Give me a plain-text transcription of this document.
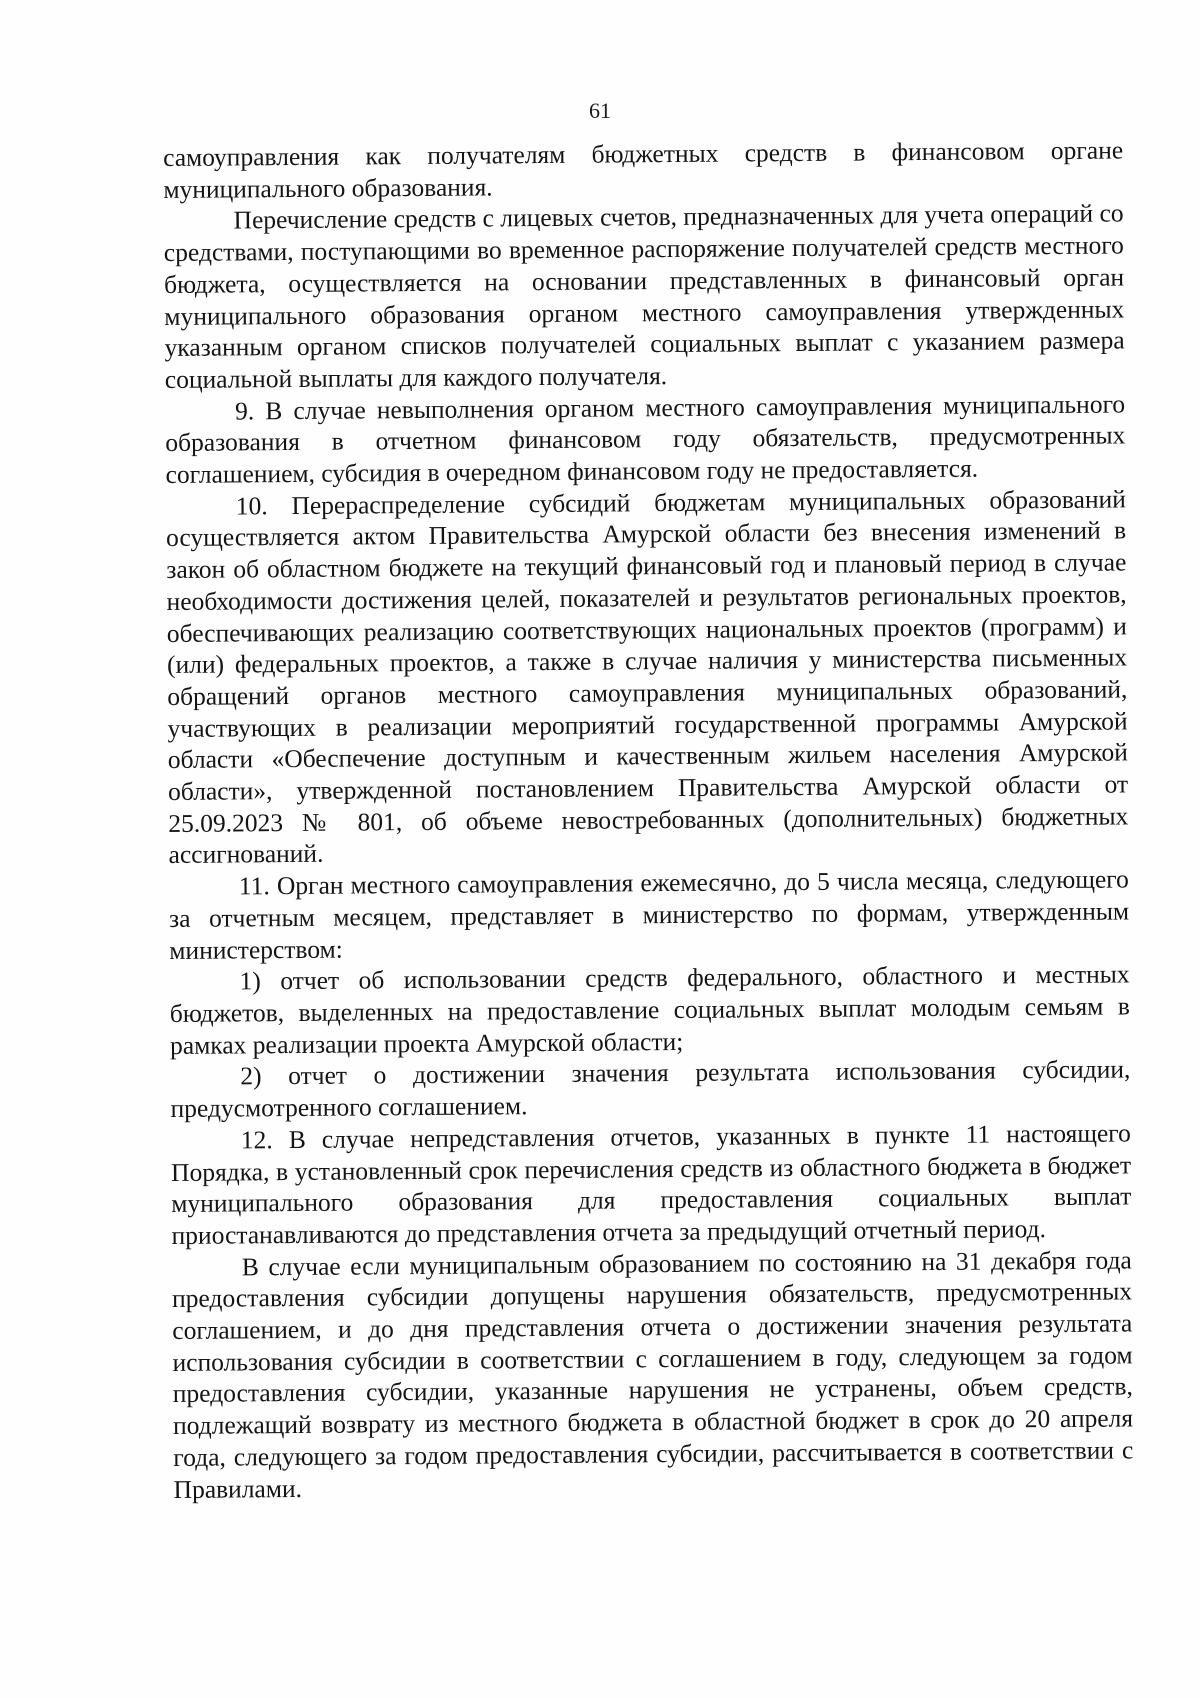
61

самоуправления как получателям бюджетных средств в финансовом органе муниципального образования.

Перечисление средств с лицевых счетов, предназначенных для учета операций со средствами, поступающими во временное распоряжение получателей средств местного бюджета, осуществляется на основании представленных в финансовый орган муниципального образования органом местного самоуправления утвержденных указанным органом списков получателей социальных выплат с указанием размера социальной выплаты для каждого получателя.

9. В случае невыполнения органом местного самоуправления муниципального образования в отчетном финансовом году обязательств, предусмотренных соглашением, субсидия в очередном финансовом году не предоставляется.

10. Перераспределение субсидий бюджетам муниципальных образований осуществляется актом Правительства Амурской области без внесения изменений в закон об областном бюджете на текущий финансовый год и плановый период в случае необходимости достижения целей, показателей и результатов региональных проектов, обеспечивающих реализацию соответствующих национальных проектов (программ) и (или) федеральных проектов, а также в случае наличия у министерства письменных обращений органов местного самоуправления муниципальных образований, участвующих в реализации мероприятий государственной программы Амурской области «Обеспечение доступным и качественным жильем населения Амурской области», утвержденной постановлением Правительства Амурской области от 25.09.2023 № 801, об объеме невостребованных (дополнительных) бюджетных ассигнований.

11. Орган местного самоуправления ежемесячно, до 5 числа месяца, следующего за отчетным месяцем, представляет в министерство по формам, утвержденным министерством:

1) отчет об использовании средств федерального, областного и местных бюджетов, выделенных на предоставление социальных выплат молодым семьям в рамках реализации проекта Амурской области;

2) отчет о достижении значения результата использования субсидии, предусмотренного соглашением.

12. В случае непредставления отчетов, указанных в пункте 11 настоящего Порядка, в установленный срок перечисления средств из областного бюджета в бюджет муниципального образования для предоставления социальных выплат приостанавливаются до представления отчета за предыдущий отчетный период.

В случае если муниципальным образованием по состоянию на 31 декабря года предоставления субсидии допущены нарушения обязательств, предусмотренных соглашением, и до дня представления отчета о достижении значения результата использования субсидии в соответствии с соглашением в году, следующем за годом предоставления субсидии, указанные нарушения не устранены, объем средств, подлежащий возврату из местного бюджета в областной бюджет в срок до 20 апреля года, следующего за годом предоставления субсидии, рассчитывается в соответствии с Правилами.
